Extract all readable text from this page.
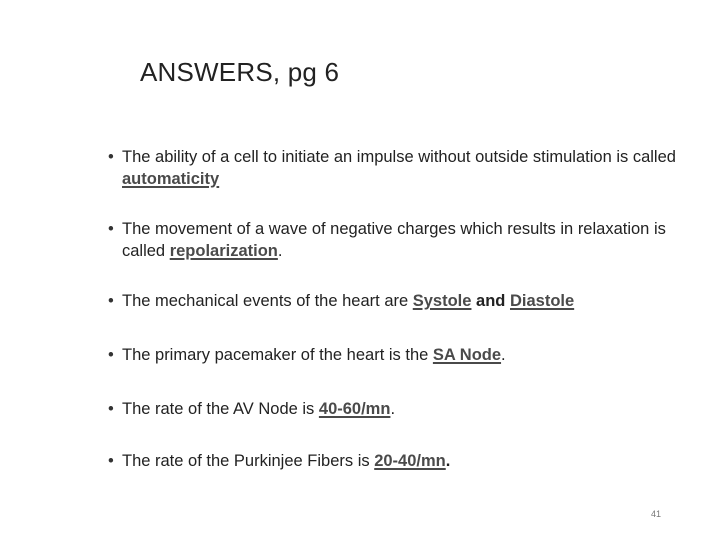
ANSWERS, pg 6
• The ability of a cell to initiate an impulse without outside stimulation is called automaticity
• The movement of a wave of negative charges which results in relaxation is called repolarization.
• The mechanical events of the heart are Systole and Diastole
• The primary pacemaker of the heart is the SA Node.
• The rate of the AV Node is 40-60/mn.
• The rate of the Purkinjee Fibers is 20-40/mn.
41
